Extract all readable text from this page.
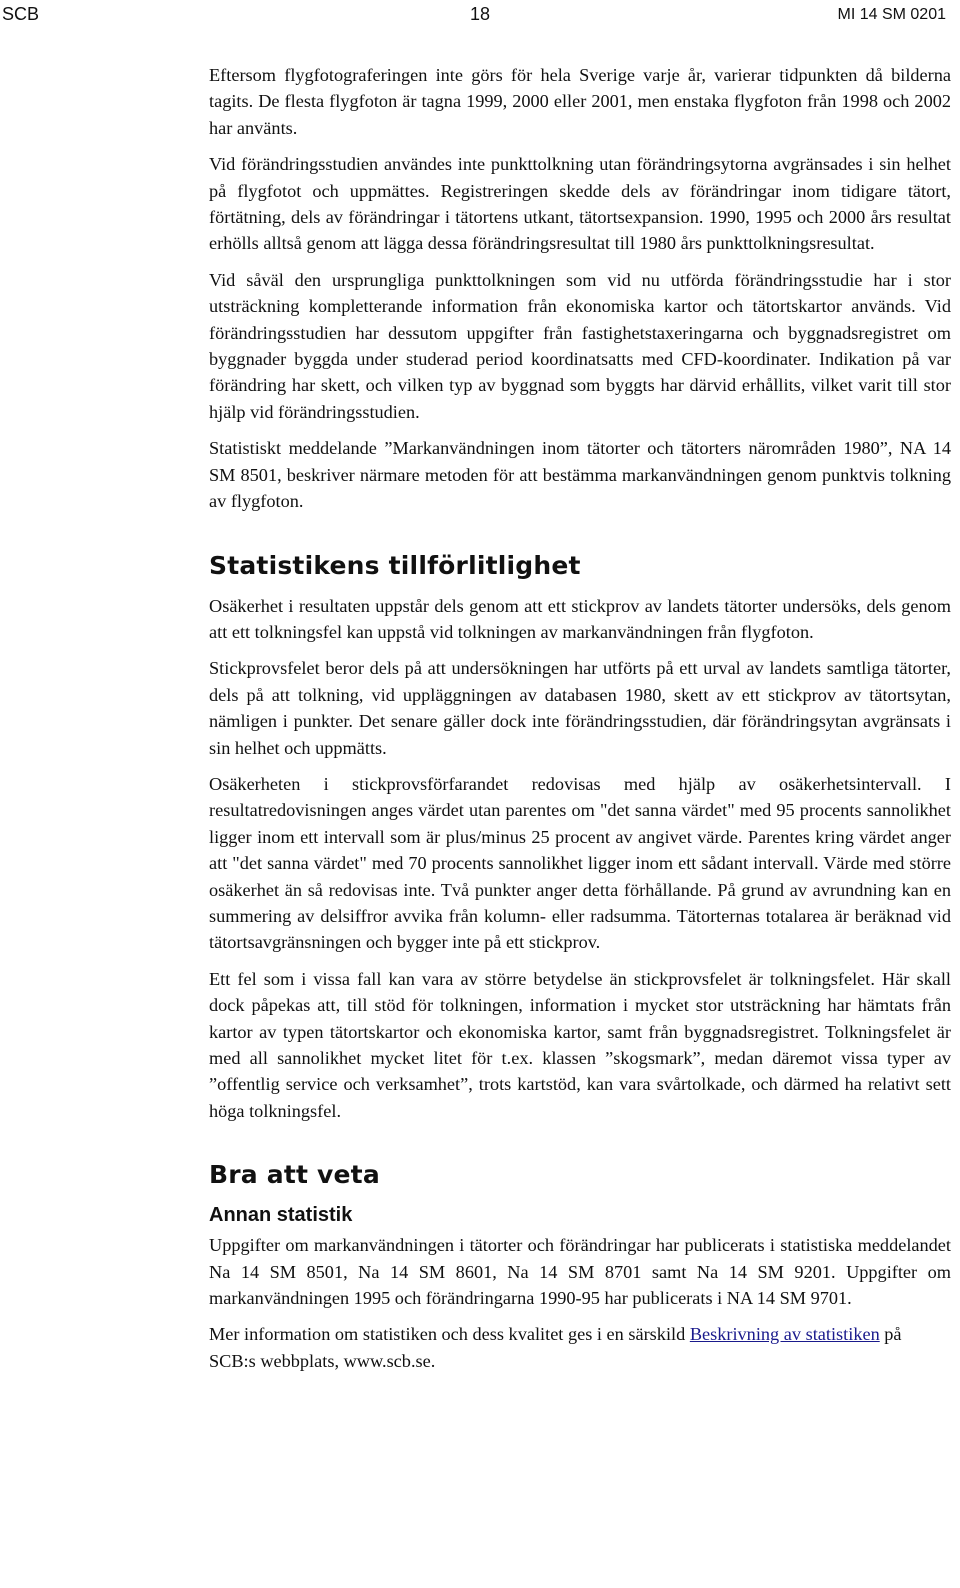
SCB	18	MI 14 SM 0201

Eftersom flygfotograferingen inte görs för hela Sverige varje år, varierar tidpunkten då bilderna tagits. De flesta flygfoton är tagna 1999, 2000 eller 2001, men enstaka flygfoton från 1998 och 2002 har använts.

Vid förändringsstudien användes inte punkttolkning utan förändringsytorna avgränsades i sin helhet på flygfotot och uppmättes. Registreringen skedde dels av förändringar inom tidigare tätort, förtätning, dels av förändringar i tätortens utkant, tätortsexpansion. 1990, 1995 och 2000 års resultat erhölls alltså genom att lägga dessa förändringsresultat till 1980 års punkttolkningsresultat.

Vid såväl den ursprungliga punkttolkningen som vid nu utförda förändringsstudie har i stor utsträckning kompletterande information från ekonomiska kartor och tätortskartor används. Vid förändringsstudien har dessutom uppgifter från fastighetstaxeringarna och byggnadsregistret om byggnader byggda under studerad period koordinatsatts med CFD-koordinater. Indikation på var förändring har skett, och vilken typ av byggnad som byggts har därvid erhållits, vilket varit till stor hjälp vid förändringsstudien.

Statistiskt meddelande ”Markanvändningen inom tätorter och tätorters närområden 1980”, NA 14 SM 8501, beskriver närmare metoden för att bestämma markanvändningen genom punktvis tolkning av flygfoton.

Statistikens tillförlitlighet

Osäkerhet i resultaten uppstår dels genom att ett stickprov av landets tätorter undersöks, dels genom att ett tolkningsfel kan uppstå vid tolkningen av markanvändningen från flygfoton.

Stickprovsfelet beror dels på att undersökningen har utförts på ett urval av landets samtliga tätorter, dels på att tolkning, vid uppläggningen av databasen 1980, skett av ett stickprov av tätortsytan, nämligen i punkter. Det senare gäller dock inte förändringsstudien, där förändringsytan avgränsats i sin helhet och uppmätts.

Osäkerheten i stickprovsförfarandet redovisas med hjälp av osäkerhetsintervall. I resultatredovisningen anges värdet utan parentes om "det sanna värdet" med 95 procents sannolikhet ligger inom ett intervall som är plus/minus 25 procent av angivet värde. Parentes kring värdet anger att "det sanna värdet" med 70 procents sannolikhet ligger inom ett sådant intervall. Värde med större osäkerhet än så redovisas inte. Två punkter anger detta förhållande. På grund av avrundning kan en summering av delsiffror avvika från kolumn- eller radsumma. Tätorternas totalarea är beräknad vid tätortsavgränsningen och bygger inte på ett stickprov.

Ett fel som i vissa fall kan vara av större betydelse än stickprovsfelet är tolkningsfelet. Här skall dock påpekas att, till stöd för tolkningen, information i mycket stor utsträckning har hämtats från kartor av typen tätortskartor och ekonomiska kartor, samt från byggnadsregistret. Tolkningsfelet är med all sannolikhet mycket litet för t.ex. klassen ”skogsmark”, medan däremot vissa typer av ”offentlig service och verksamhet”, trots kartstöd, kan vara svårtolkade, och därmed ha relativt sett höga tolkningsfel.

Bra att veta
Annan statistik

Uppgifter om markanvändningen i tätorter och förändringar har publicerats i statistiska meddelandet Na 14 SM 8501, Na 14 SM 8601, Na 14 SM 8701 samt Na 14 SM 9201. Uppgifter om markanvändningen 1995 och förändringarna 1990-95 har publicerats i NA 14 SM 9701.

Mer information om statistiken och dess kvalitet ges i en särskild Beskrivning av statistiken på SCB:s webbplats, www.scb.se.
